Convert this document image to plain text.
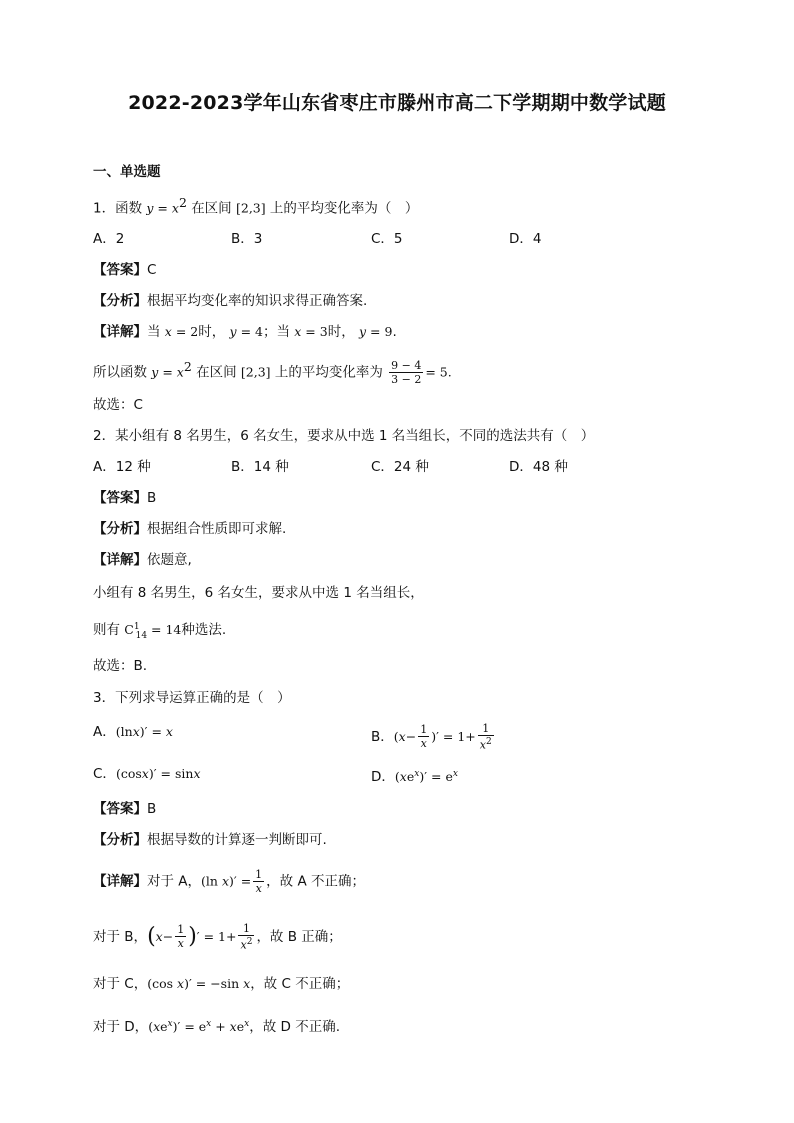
2022-2023学年山东省枣庄市滕州市高二下学期期中数学试题
一、单选题
1．函数 $y = x^2$ 在区间 [2,3] 上的平均变化率为（　）
A．2	B．3	C．5	D．4
【答案】C
【分析】根据平均变化率的知识求得正确答案.
【详解】当 x = 2时， y = 4；当 x = 3时， y = 9.
所以函数 $y = x^2$ 在区间 [2,3] 上的平均变化率为 $\frac{9 - 4}{3 - 2} = 5$.
故选：C
2．某小组有 8 名男生，6 名女生，要求从中选 1 名当组长，不同的选法共有（　）
A．12 种	B．14 种	C．24 种	D．48 种
【答案】B
【分析】根据组合性质即可求解.
【详解】依题意,
小组有 8 名男生，6 名女生，要求从中选 1 名当组长，
则有 $C^1_{14} = 14$种选法.
故选：B.
3．下列求导运算正确的是（　）
A．(lnx)′ = x	B．($x- \frac{1}{x}$ )′ = $1+ \frac{1}{x^2}$
C．(cosx)′ = sinx	D．$(xe^x)' = e^x$
【答案】B
【分析】根据导数的计算逐一判断即可.
【详解】对于 A，(ln $x)' = \frac{1}{x}$ ，故 A 不正确；
对于 B，($x- \frac{1}{x}$ )′ = $1+ \frac{1}{x^2}$ ，故 B 正确；
对于 C，(cos x)′ = −sin x，故 C 不正确；
对于 D，$(xe^x)' = e^x + xe^x$，故 D 不正确.
